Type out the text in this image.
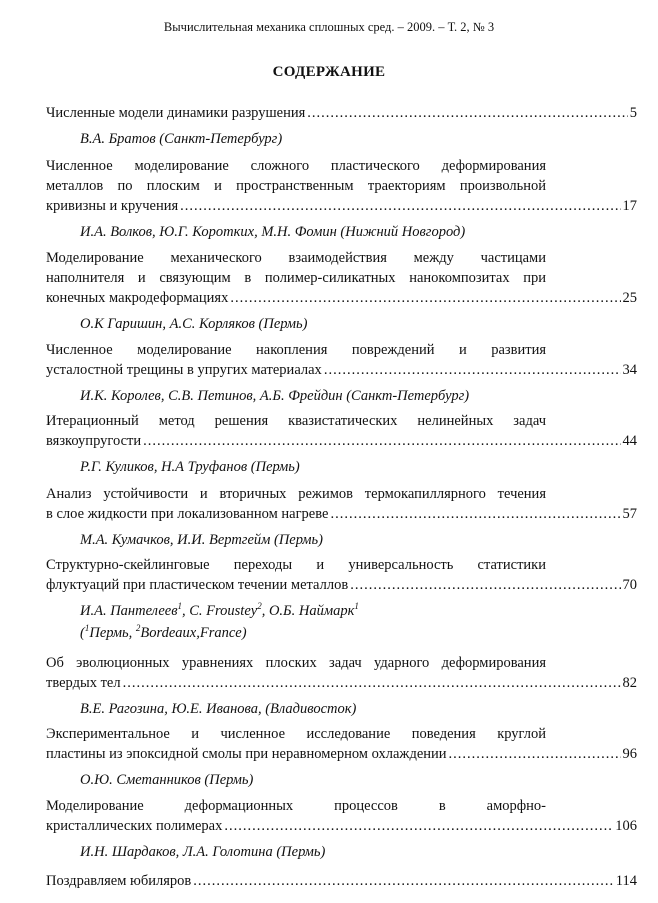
Вычислительная механика сплошных сред. – 2009. – Т. 2, № 3
СОДЕРЖАНИЕ
Численные модели динамики разрушения .....	5
В.А. Братов (Санкт-Петербург)
Численное моделирование сложного пластического деформирования
металлов по плоским и пространственным траекториям произвольной
кривизны и кручения .....	17
И.А. Волков, Ю.Г. Коротких, М.Н. Фомин (Нижний Новгород)
Моделирование механического взаимодействия между частицами
наполнителя и связующим в полимер-силикатных нанокомпозитах при
конечных макродеформациях .....	25
О.К Гаришин, А.С. Корляков (Пермь)
Численное моделирование накопления повреждений и развития
усталостной трещины в упругих материалах .....	34
И.К. Королев, С.В. Петинов, А.Б. Фрейдин (Санкт-Петербург)
Итерационный метод решения квазистатических нелинейных задач
вязкоупругости .....	44
Р.Г. Куликов, Н.А Труфанов (Пермь)
Анализ устойчивости и вторичных режимов термокапиллярного течения
в слое жидкости при локализованном нагреве .....	57
М.А. Кумачков, И.И. Вертгейм (Пермь)
Структурно-скейлинговые переходы и универсальность статистики
флуктуаций при пластическом течении металлов .....	70
И.А. Пантелеев$^1$, C. Froustey$^2$, О.Б. Наймарк$^1$
($^1$Пермь, $^2$Bordeaux,France)
Об эволюционных уравнениях плоских задач ударного деформирования
твердых тел .....	82
В.Е. Рагозина, Ю.Е. Иванова, (Владивосток)
Экспериментальное и численное исследование поведения круглой
пластины из эпоксидной смолы при неравномерном охлаждении .....	96
О.Ю. Сметанников (Пермь)
Моделирование деформационных процессов в аморфно-
кристаллических полимерах .....	106
И.Н. Шардаков, Л.А. Голотина (Пермь)
Поздравляем юбиляров .....	114
